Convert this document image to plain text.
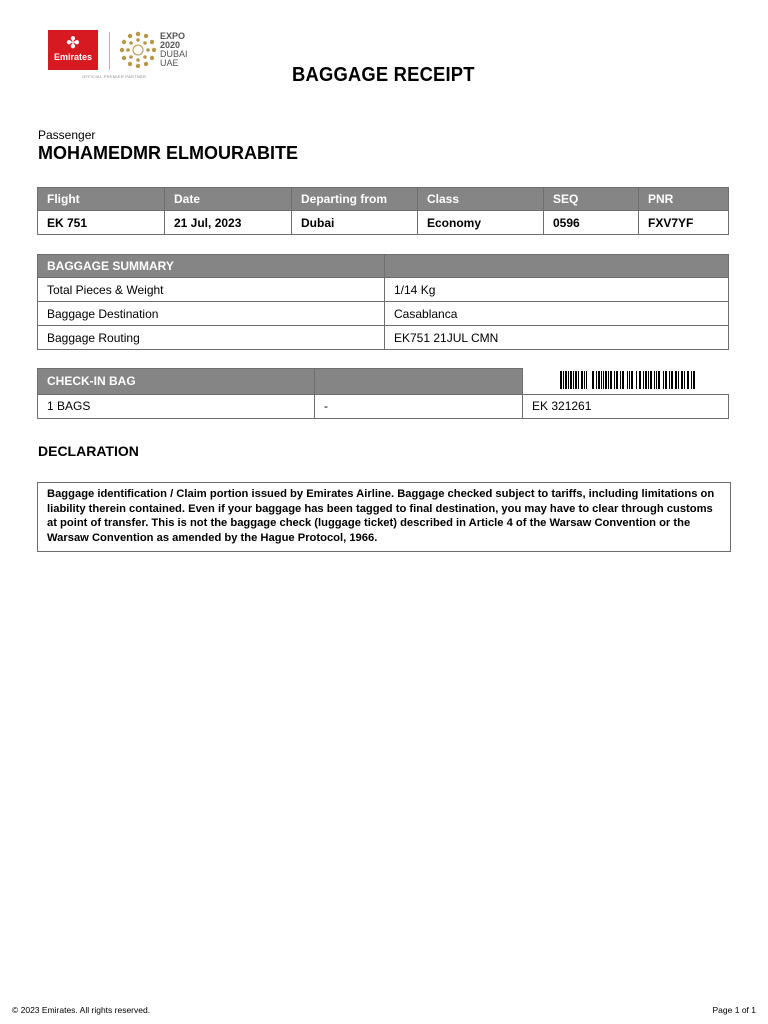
✤
Emirates
EXPO
2020
DUBAI
UAE
OFFICIAL PREMIER PARTNER	BAGGAGE RECEIPT
Passenger
MOHAMEDMR ELMOURABITE
Flight	Date	Departing from	Class	SEQ	PNR
EK 751	21 Jul, 2023	Dubai	Economy	0596	FXV7YF
BAGGAGE SUMMARY	
Total Pieces & Weight	1/14 Kg
Baggage Destination	Casablanca
Baggage Routing	EK751 21JUL CMN
CHECK-IN BAG		
1 BAGS	-	EK 321261
DECLARATION
Baggage identification / Claim portion issued by Emirates Airline. Baggage checked subject to tariffs, including limitations on liability therein contained. Even if your baggage has been tagged to final destination, you may have to clear through customs at point of transfer. This is not the baggage check (luggage ticket) described in Article 4 of the Warsaw Convention or the Warsaw Convention as amended by the Hague Protocol, 1966.
© 2023 Emirates. All rights reserved.	Page 1 of 1
